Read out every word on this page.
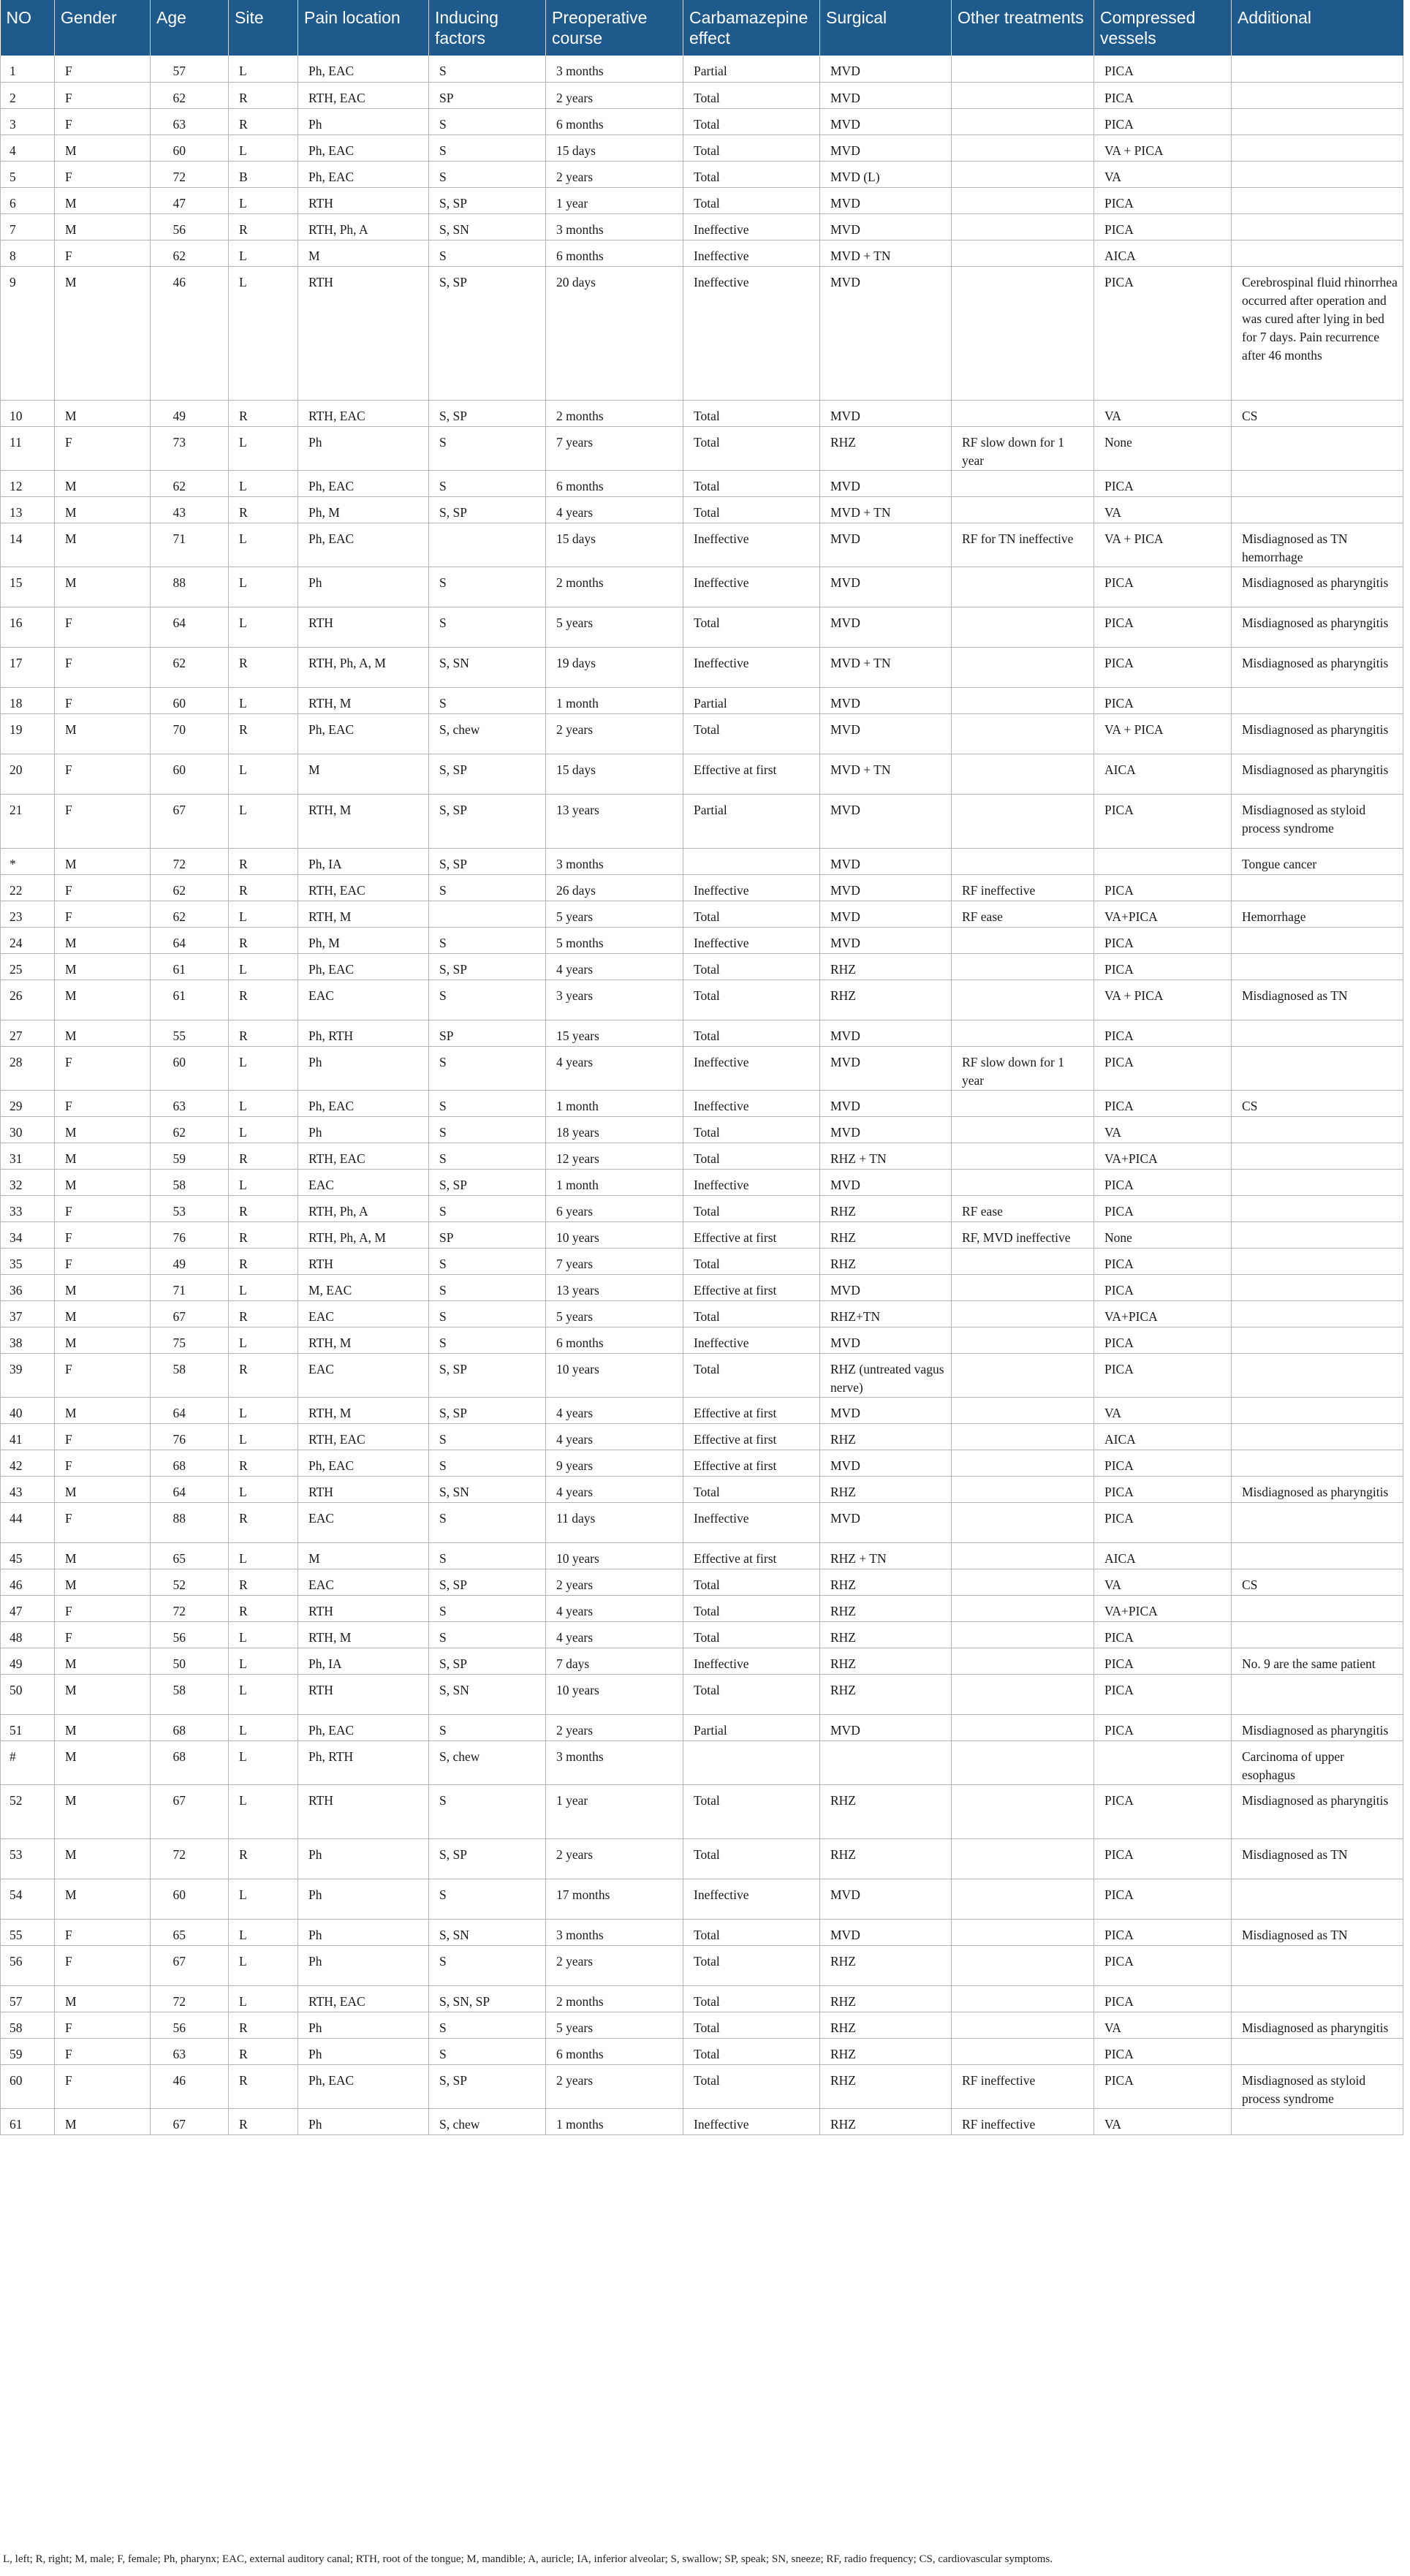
NO	Gender	Age	Site	Pain location	Inducing factors	Preoperative course	Carbamazepine effect	Surgical	Other treatments	Compressed vessels	Additional
1	F	57	L	Ph, EAC	S	3 months	Partial	MVD		PICA	
2	F	62	R	RTH, EAC	SP	2 years	Total	MVD		PICA	
3	F	63	R	Ph	S	6 months	Total	MVD		PICA	
4	M	60	L	Ph, EAC	S	15 days	Total	MVD		VA + PICA	
5	F	72	B	Ph, EAC	S	2 years	Total	MVD (L)		VA	
6	M	47	L	RTH	S, SP	1 year	Total	MVD		PICA	
7	M	56	R	RTH, Ph, A	S, SN	3 months	Ineffective	MVD		PICA	
8	F	62	L	M	S	6 months	Ineffective	MVD + TN		AICA	
9	M	46	L	RTH	S, SP	20 days	Ineffective	MVD		PICA	Cerebrospinal fluid rhinorrhea occurred after operation and was cured after lying in bed for 7 days. Pain recurrence after 46 months
10	M	49	R	RTH, EAC	S, SP	2 months	Total	MVD		VA	CS
11	F	73	L	Ph	S	7 years	Total	RHZ	RF slow down for 1 year	None	
12	M	62	L	Ph, EAC	S	6 months	Total	MVD		PICA	
13	M	43	R	Ph, M	S, SP	4 years	Total	MVD + TN		VA	
14	M	71	L	Ph, EAC		15 days	Ineffective	MVD	RF for TN ineffective	VA + PICA	Misdiagnosed as TN hemorrhage
15	M	88	L	Ph	S	2 months	Ineffective	MVD		PICA	Misdiagnosed as pharyngitis
16	F	64	L	RTH	S	5 years	Total	MVD		PICA	Misdiagnosed as pharyngitis
17	F	62	R	RTH, Ph, A, M	S, SN	19 days	Ineffective	MVD + TN		PICA	Misdiagnosed as pharyngitis
18	F	60	L	RTH, M	S	1 month	Partial	MVD		PICA	
19	M	70	R	Ph, EAC	S, chew	2 years	Total	MVD		VA + PICA	Misdiagnosed as pharyngitis
20	F	60	L	M	S, SP	15 days	Effective at first	MVD + TN		AICA	Misdiagnosed as pharyngitis
21	F	67	L	RTH, M	S, SP	13 years	Partial	MVD		PICA	Misdiagnosed as styloid process syndrome
*	M	72	R	Ph, IA	S, SP	3 months		MVD			Tongue cancer
22	F	62	R	RTH, EAC	S	26 days	Ineffective	MVD	RF ineffective	PICA	
23	F	62	L	RTH, M		5 years	Total	MVD	RF ease	VA+PICA	Hemorrhage
24	M	64	R	Ph, M	S	5 months	Ineffective	MVD		PICA	
25	M	61	L	Ph, EAC	S, SP	4 years	Total	RHZ		PICA	
26	M	61	R	EAC	S	3 years	Total	RHZ		VA + PICA	Misdiagnosed as TN
27	M	55	R	Ph, RTH	SP	15 years	Total	MVD		PICA	
28	F	60	L	Ph	S	4 years	Ineffective	MVD	RF slow down for 1 year	PICA	
29	F	63	L	Ph, EAC	S	1 month	Ineffective	MVD		PICA	CS
30	M	62	L	Ph	S	18 years	Total	MVD		VA	
31	M	59	R	RTH, EAC	S	12 years	Total	RHZ + TN		VA+PICA	
32	M	58	L	EAC	S, SP	1 month	Ineffective	MVD		PICA	
33	F	53	R	RTH, Ph, A	S	6 years	Total	RHZ	RF ease	PICA	
34	F	76	R	RTH, Ph, A, M	SP	10 years	Effective at first	RHZ	RF, MVD ineffective	None	
35	F	49	R	RTH	S	7 years	Total	RHZ		PICA	
36	M	71	L	M, EAC	S	13 years	Effective at first	MVD		PICA	
37	M	67	R	EAC	S	5 years	Total	RHZ+TN		VA+PICA	
38	M	75	L	RTH, M	S	6 months	Ineffective	MVD		PICA	
39	F	58	R	EAC	S, SP	10 years	Total	RHZ (untreated vagus nerve)		PICA	
40	M	64	L	RTH, M	S, SP	4 years	Effective at first	MVD		VA	
41	F	76	L	RTH, EAC	S	4 years	Effective at first	RHZ		AICA	
42	F	68	R	Ph, EAC	S	9 years	Effective at first	MVD		PICA	
43	M	64	L	RTH	S, SN	4 years	Total	RHZ		PICA	Misdiagnosed as pharyngitis
44	F	88	R	EAC	S	11 days	Ineffective	MVD		PICA	
45	M	65	L	M	S	10 years	Effective at first	RHZ + TN		AICA	
46	M	52	R	EAC	S, SP	2 years	Total	RHZ		VA	CS
47	F	72	R	RTH	S	4 years	Total	RHZ		VA+PICA	
48	F	56	L	RTH, M	S	4 years	Total	RHZ		PICA	
49	M	50	L	Ph, IA	S, SP	7 days	Ineffective	RHZ		PICA	No. 9 are the same patient
50	M	58	L	RTH	S, SN	10 years	Total	RHZ		PICA	
51	M	68	L	Ph, EAC	S	2 years	Partial	MVD		PICA	Misdiagnosed as pharyngitis
#	M	68	L	Ph, RTH	S, chew	3 months					Carcinoma of upper esophagus
52	M	67	L	RTH	S	1 year	Total	RHZ		PICA	Misdiagnosed as pharyngitis
53	M	72	R	Ph	S, SP	2 years	Total	RHZ		PICA	Misdiagnosed as TN
54	M	60	L	Ph	S	17 months	Ineffective	MVD		PICA	
55	F	65	L	Ph	S, SN	3 months	Total	MVD		PICA	Misdiagnosed as TN
56	F	67	L	Ph	S	2 years	Total	RHZ		PICA	
57	M	72	L	RTH, EAC	S, SN, SP	2 months	Total	RHZ		PICA	
58	F	56	R	Ph	S	5 years	Total	RHZ		VA	Misdiagnosed as pharyngitis
59	F	63	R	Ph	S	6 months	Total	RHZ		PICA	
60	F	46	R	Ph, EAC	S, SP	2 years	Total	RHZ	RF ineffective	PICA	Misdiagnosed as styloid process syndrome
61	M	67	R	Ph	S, chew	1 months	Ineffective	RHZ	RF ineffective	VA	
L, left; R, right; M, male; F, female; Ph, pharynx; EAC, external auditory canal; RTH, root of the tongue; M, mandible; A, auricle; IA, inferior alveolar; S, swallow; SP, speak; SN, sneeze; RF, radio frequency; CS, cardiovascular symptoms.
